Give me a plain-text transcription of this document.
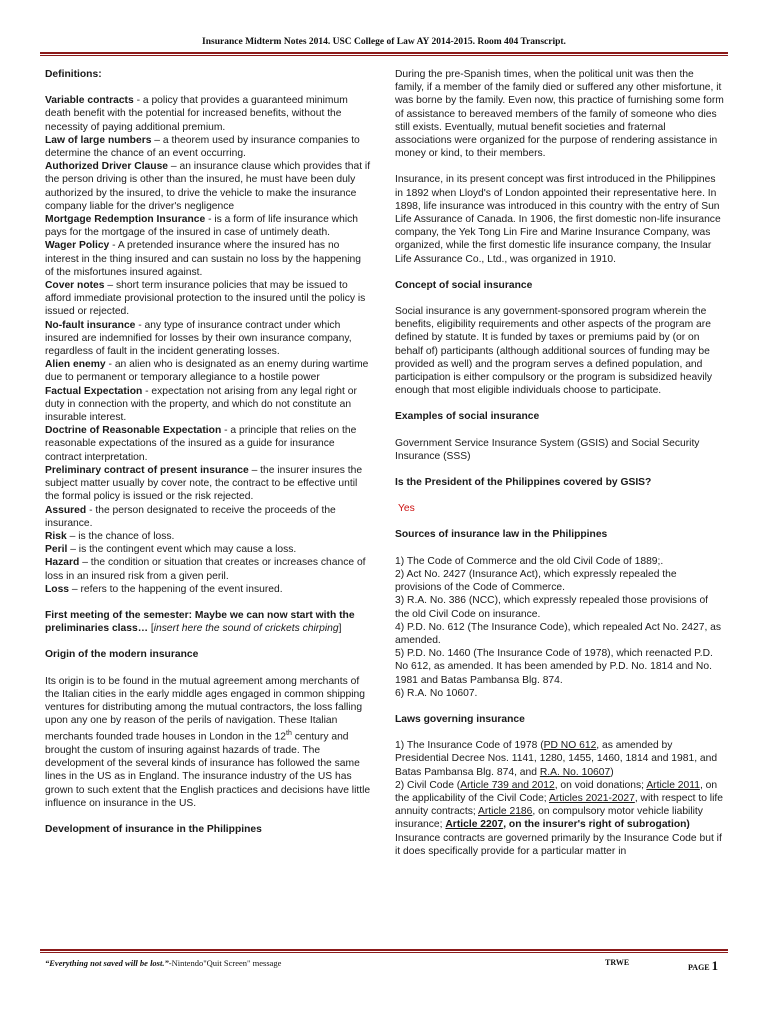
Insurance Midterm Notes 2014. USC College of Law AY 2014-2015. Room 404 Transcript.

Definitions:

Variable contracts - a policy that provides a guaranteed minimum death benefit with the potential for increased benefits, without the necessity of paying additional premium.

Law of large numbers – a theorem used by insurance companies to determine the chance of an event occurring.

Authorized Driver Clause – an insurance clause which provides that if the person driving is other than the insured, he must have been duly authorized by the insured, to drive the vehicle to make the insurance company liable for the driver's negligence

Mortgage Redemption Insurance - is a form of life insurance which pays for the mortgage of the insured in case of untimely death.

Wager Policy - A pretended insurance where the insured has no interest in the thing insured and can sustain no loss by the happening of the misfortunes insured against.

Cover notes – short term insurance policies that may be issued to afford immediate provisional protection to the insured until the policy is issued or rejected.

No-fault insurance - any type of insurance contract under which insured are indemnified for losses by their own insurance company, regardless of fault in the incident generating losses.

Alien enemy - an alien who is designated as an enemy during wartime due to permanent or temporary allegiance to a hostile power

Factual Expectation - expectation not arising from any legal right or duty in connection with the property, and which do not constitute an insurable interest.

Doctrine of Reasonable Expectation - a principle that relies on the reasonable expectations of the insured as a guide for insurance contract interpretation.

Preliminary contract of present insurance – the insurer insures the subject matter usually by cover note, the contract to be effective until the formal policy is issued or the risk rejected.

Assured - the person designated to receive the proceeds of the insurance.

Risk – is the chance of loss.

Peril – is the contingent event which may cause a loss.

Hazard – the condition or situation that creates or increases chance of loss in an insured risk from a given peril.

Loss – refers to the happening of the event insured.

First meeting of the semester: Maybe we can now start with the preliminaries class… [insert here the sound of crickets chirping]

Origin of the modern insurance

Its origin is to be found in the mutual agreement among merchants of the Italian cities in the early middle ages engaged in common shipping ventures for distributing among the mutual contractors, the loss falling upon any one by reason of the perils of navigation. These Italian merchants founded trade houses in London in the 12th century and brought the custom of insuring against hazards of trade. The development of the several kinds of insurance has followed the same lines in the US as in England. The insurance industry of the US has grown to such extent that the English practices and decisions have little influence on insurance in the US.

Development of insurance in the Philippines

During the pre-Spanish times, when the political unit was then the family, if a member of the family died or suffered any other misfortune, it was borne by the family. Even now, this practice of furnishing some form of assistance to bereaved members of the family of someone who dies still exists. Eventually, mutual benefit societies and fraternal associations were organized for the purpose of rendering assistance in money or kind, to their members.

Insurance, in its present concept was first introduced in the Philippines in 1892 when Lloyd's of London appointed their representative here. In 1898, life insurance was introduced in this country with the entry of Sun Life Assurance of Canada. In 1906, the first domestic non-life insurance company, the Yek Tong Lin Fire and Marine Insurance Company, was organized, while the first domestic life insurance company, the Insular Life Assurance Co., Ltd., was organized in 1910.

Concept of social insurance

Social insurance is any government-sponsored program wherein the benefits, eligibility requirements and other aspects of the program are defined by statute. It is funded by taxes or premiums paid by (or on behalf of) participants (although additional sources of funding may be provided as well) and the program serves a defined population, and participation is either compulsory or the program is subsidized heavily enough that most eligible individuals choose to participate.

Examples of social insurance

Government Service Insurance System (GSIS) and Social Security Insurance (SSS)

Is the President of the Philippines covered by GSIS?

Yes

Sources of insurance law in the Philippines

1) The Code of Commerce and the old Civil Code of 1889;.

2) Act No. 2427 (Insurance Act), which expressly repealed the provisions of the Code of Commerce.

3) R.A. No. 386 (NCC), which expressly repealed those provisions of the old Civil Code on insurance.

4) P.D. No. 612 (The Insurance Code), which repealed Act No. 2427, as amended.

5) P.D. No. 1460 (The Insurance Code of 1978), which reenacted P.D. No 612, as amended. It has been amended by P.D. No. 1814 and No. 1981 and Batas Pambansa Blg. 874.

6) R.A. No 10607.

Laws governing insurance

1) The Insurance Code of 1978 (PD NO 612, as amended by Presidential Decree Nos. 1141, 1280, 1455, 1460, 1814 and 1981, and Batas Pambansa Blg. 874, and R.A. No. 10607)

2) Civil Code (Article 739 and 2012, on void donations; Article 2011, on the applicability of the Civil Code; Articles 2021-2027, with respect to life annuity contracts; Article 2186, on compulsory motor vehicle liability insurance; Article 2207, on the insurer's right of subrogation)

Insurance contracts are governed primarily by the Insurance Code but if it does specifically provide for a particular matter in

“Everything not saved will be lost.”-Nintendo"Quit Screen" message	TRWE
PAGE 1
